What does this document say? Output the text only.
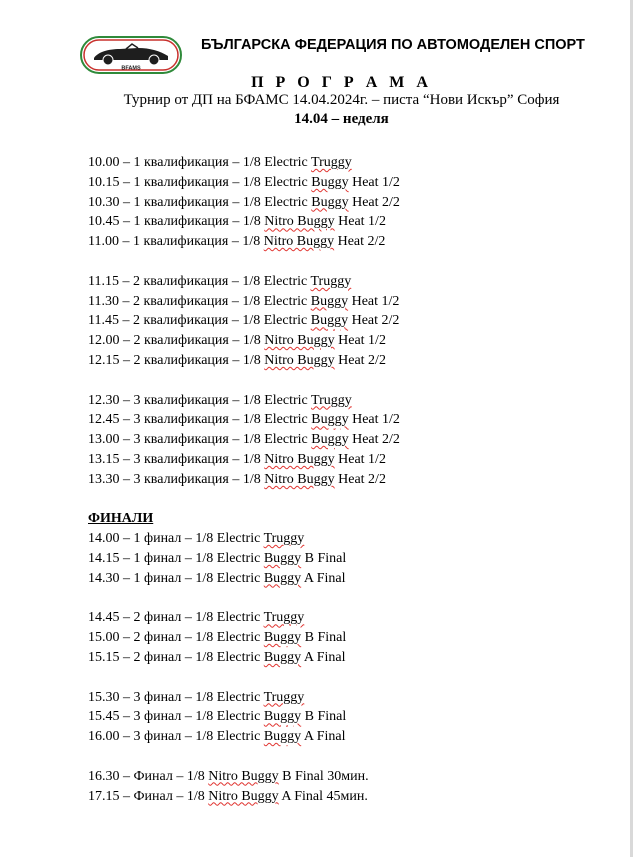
BFAMS
БЪЛГАРСКА ФЕДЕРАЦИЯ ПО АВТОМОДЕЛЕН СПОРТ
П Р О Г Р А М А
Турнир от ДП на БФАМС 14.04.2024г. – писта “Нови Искър” София
14.04 – неделя
10.00 – 1 квалификация – 1/8 Electric Truggy
10.15 – 1 квалификация – 1/8 Electric Buggy Heat 1/2
10.30 – 1 квалификация – 1/8 Electric Buggy Heat 2/2
10.45 – 1 квалификация – 1/8 Nitro Buggy Heat 1/2
11.00 – 1 квалификация – 1/8 Nitro Buggy Heat 2/2
11.15 – 2 квалификация – 1/8 Electric Truggy
11.30 – 2 квалификация – 1/8 Electric Buggy Heat 1/2
11.45 – 2 квалификация – 1/8 Electric Buggy Heat 2/2
12.00 – 2 квалификация – 1/8 Nitro Buggy Heat 1/2
12.15 – 2 квалификация – 1/8 Nitro Buggy Heat 2/2
12.30 – 3 квалификация – 1/8 Electric Truggy
12.45 – 3 квалификация – 1/8 Electric Buggy Heat 1/2
13.00 – 3 квалификация – 1/8 Electric Buggy Heat 2/2
13.15 – 3 квалификация – 1/8 Nitro Buggy Heat 1/2
13.30 – 3 квалификация – 1/8 Nitro Buggy Heat 2/2
ФИНАЛИ
14.00 – 1 финал – 1/8 Electric Truggy
14.15 – 1 финал – 1/8 Electric Buggy B Final
14.30 – 1 финал – 1/8 Electric Buggy A Final
14.45 – 2 финал – 1/8 Electric Truggy
15.00 – 2 финал – 1/8 Electric Buggy B Final
15.15 – 2 финал – 1/8 Electric Buggy A Final
15.30 – 3 финал – 1/8 Electric Truggy
15.45 – 3 финал – 1/8 Electric Buggy B Final
16.00 – 3 финал – 1/8 Electric Buggy A Final
16.30 – Финал – 1/8 Nitro Buggy B Final 30мин.
17.15 – Финал – 1/8 Nitro Buggy A Final 45мин.
